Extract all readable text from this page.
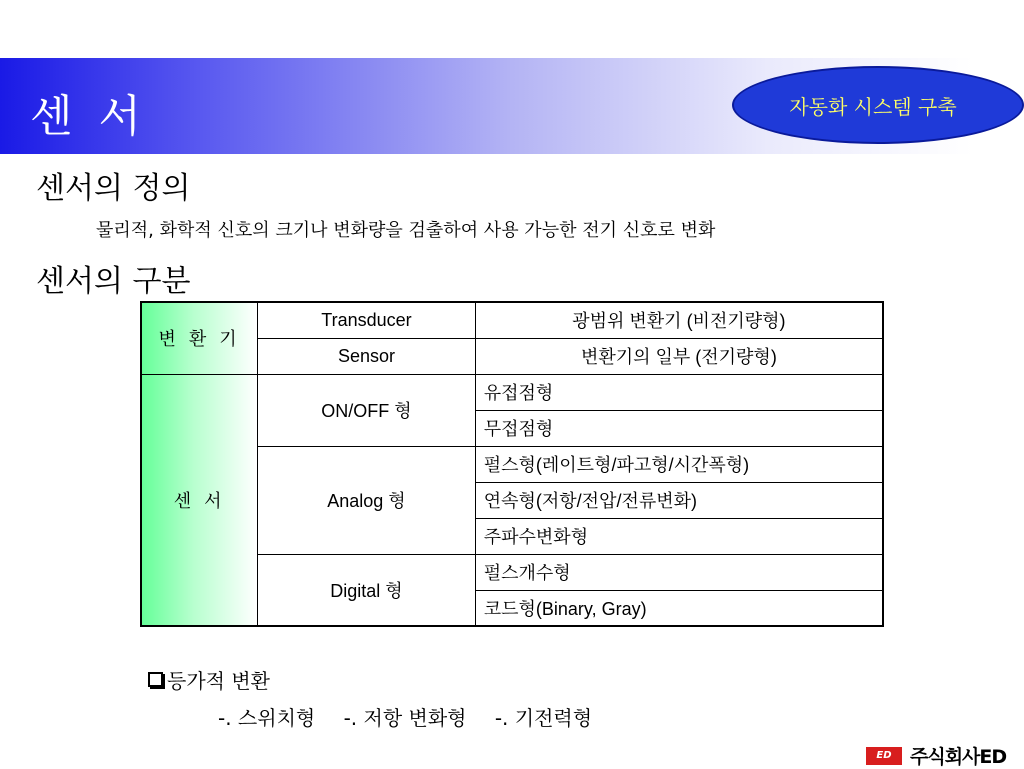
센 서	자동화 시스템 구축
센서의 정의
물리적, 화학적 신호의 크기나 변화량을 검출하여 사용 가능한 전기 신호로 변화
센서의 구분
변 환 기	Transducer	광범위 변환기 (비전기량형)
	Sensor	변환기의 일부 (전기량형)
센 서	ON/OFF 형	유접점형
		무접점형
	Analog 형	펄스형(레이트형/파고형/시간폭형)
		연속형(저항/전압/전류변화)
		주파수변화형
	Digital 형	펄스개수형
		코드형(Binary, Gray)
등가적 변환
-. 스위치형 -. 저항 변화형 -. 기전력형
ED 주식회사ED
